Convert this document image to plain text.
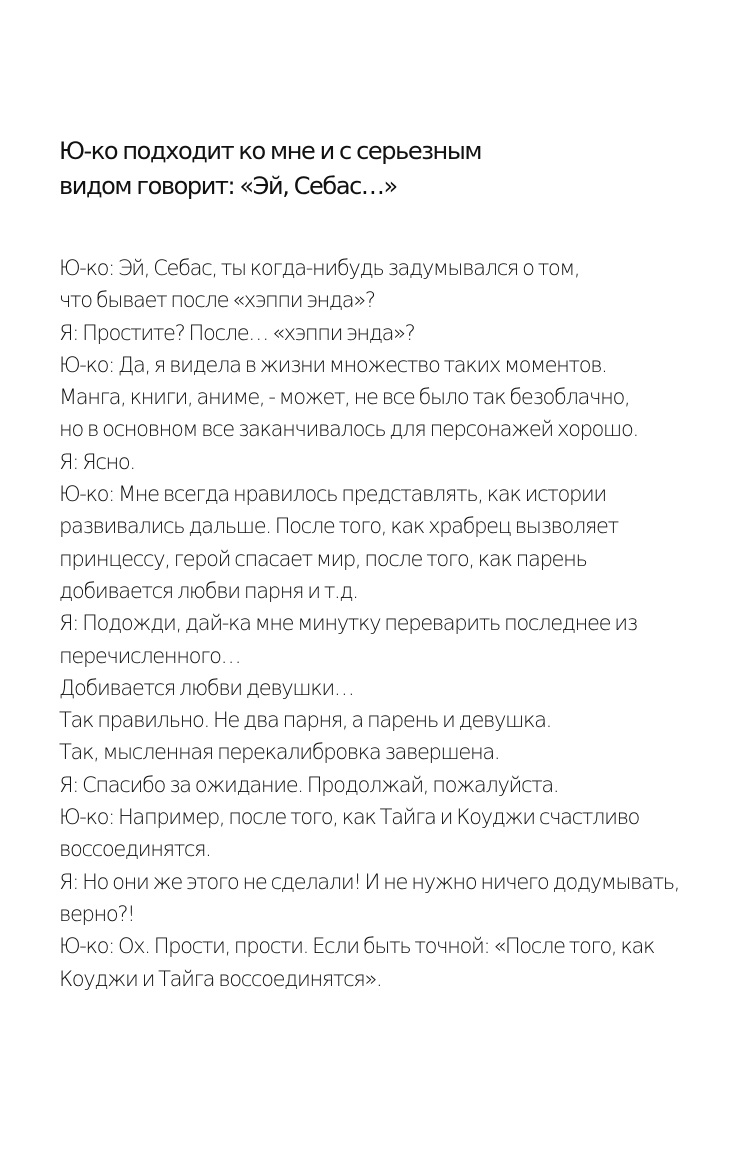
Ю-ко подходит ко мне и с серьезным
видом говорит: «Эй, Себас…»
Ю-ко: Эй, Себас, ты когда-нибудь задумывался о том,
что бывает после «хэппи энда»?
Я: Простите? После… «хэппи энда»?
Ю-ко: Да, я видела в жизни множество таких моментов.
Манга, книги, аниме, - может, не все было так безоблачно,
но в основном все заканчивалось для персонажей хорошо.
Я: Ясно.
Ю-ко: Мне всегда нравилось представлять, как истории
развивались дальше. После того, как храбрец вызволяет
принцессу, герой спасает мир, после того, как парень
добивается любви парня и т.д.
Я: Подожди, дай-ка мне минутку переварить последнее из
перечисленного…
Добивается любви девушки…
Так правильно. Не два парня, а парень и девушка.
Так, мысленная перекалибровка завершена.
Я: Спасибо за ожидание. Продолжай, пожалуйста.
Ю-ко: Например, после того, как Тайга и Коуджи счастливо
воссоединятся.
Я: Но они же этого не сделали! И не нужно ничего додумывать,
верно?!
Ю-ко: Ох. Прости, прости. Если быть точной: «После того, как
Коуджи и Тайга воссоединятся».
